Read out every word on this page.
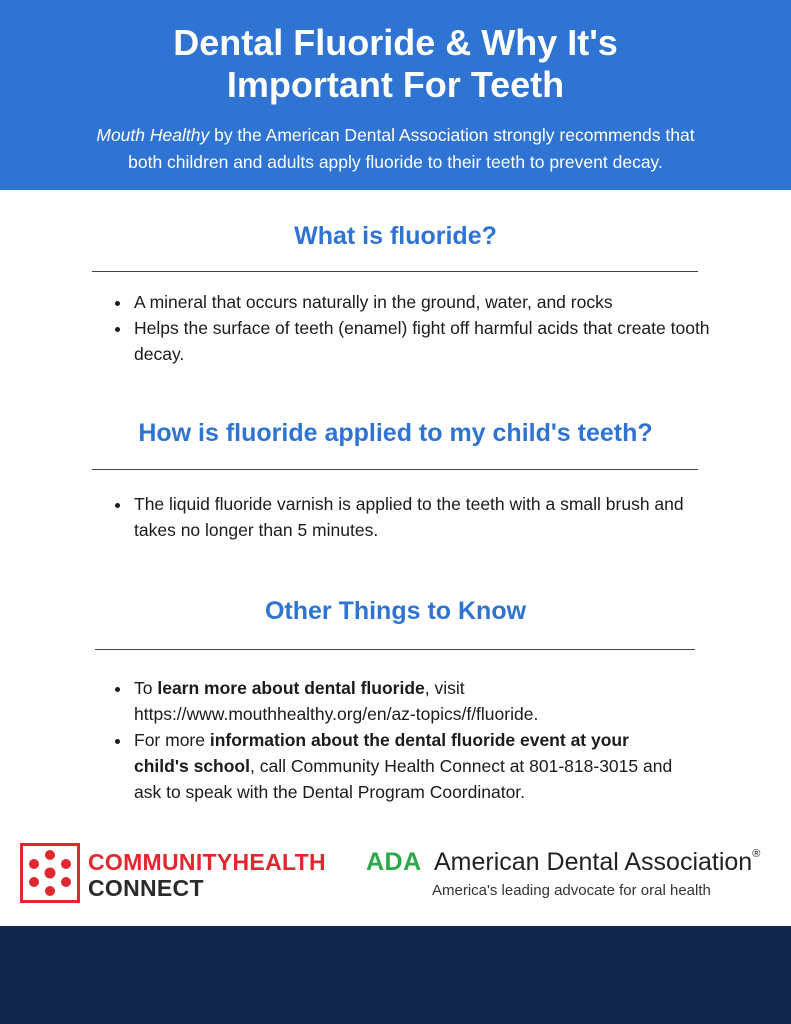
Dental Fluoride & Why It's
Important For Teeth

Mouth Healthy by the American Dental Association strongly recommends that
both children and adults apply fluoride to their teeth to prevent decay.

What is fluoride?
• A mineral that occurs naturally in the ground, water, and rocks
• Helps the surface of teeth (enamel) fight off harmful acids that create tooth decay.
How is fluoride applied to my child's teeth?
• The liquid fluoride varnish is applied to the teeth with a small brush and takes no longer than 5 minutes.
Other Things to Know
• To learn more about dental fluoride, visit https://www.mouthhealthy.org/en/az-topics/f/fluoride.
• For more information about the dental fluoride event at your child's school, call Community Health Connect at 801-818-3015 and ask to speak with the Dental Program Coordinator.
COMMUNITYHEALTH
CONNECT
ADA American Dental Association®
America's leading advocate for oral health
